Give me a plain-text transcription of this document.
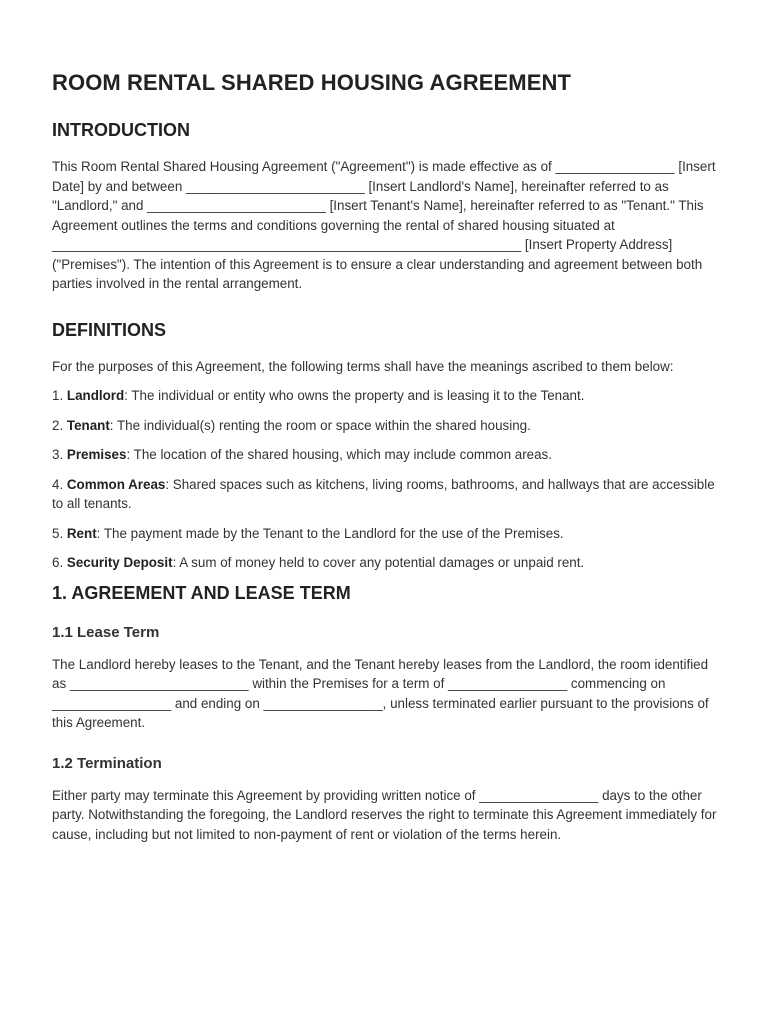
ROOM RENTAL SHARED HOUSING AGREEMENT
INTRODUCTION

This Room Rental Shared Housing Agreement ("Agreement") is made effective as of ________________ [Insert Date] by and between ________________________ [Insert Landlord's Name], hereinafter referred to as "Landlord," and ________________________ [Insert Tenant's Name], hereinafter referred to as "Tenant." This Agreement outlines the terms and conditions governing the rental of shared housing situated at _______________________________________________________________ [Insert Property Address] ("Premises"). The intention of this Agreement is to ensure a clear understanding and agreement between both parties involved in the rental arrangement.

DEFINITIONS

For the purposes of this Agreement, the following terms shall have the meanings ascribed to them below:

1. Landlord: The individual or entity who owns the property and is leasing it to the Tenant.

2. Tenant: The individual(s) renting the room or space within the shared housing.

3. Premises: The location of the shared housing, which may include common areas.

4. Common Areas: Shared spaces such as kitchens, living rooms, bathrooms, and hallways that are accessible to all tenants.

5. Rent: The payment made by the Tenant to the Landlord for the use of the Premises.

6. Security Deposit: A sum of money held to cover any potential damages or unpaid rent.

1. AGREEMENT AND LEASE TERM
1.1 Lease Term

The Landlord hereby leases to the Tenant, and the Tenant hereby leases from the Landlord, the room identified as ________________________ within the Premises for a term of ________________ commencing on ________________ and ending on ________________, unless terminated earlier pursuant to the provisions of this Agreement.

1.2 Termination

Either party may terminate this Agreement by providing written notice of ________________ days to the other party. Notwithstanding the foregoing, the Landlord reserves the right to terminate this Agreement immediately for cause, including but not limited to non-payment of rent or violation of the terms herein.
